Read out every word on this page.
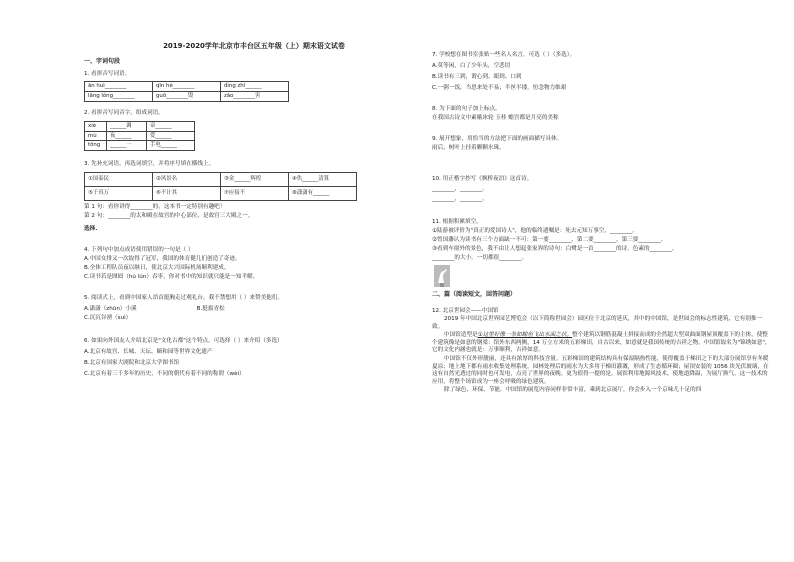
2019-2020学年北京市丰台区五年级（上）期末语文试卷

一、字词句段

1. 看拼音写词语。

ān huì________	qīn hè________	dìng zhī______
lǎng lǒng________	guō________毁	zāo________害

2. 看拼音写同音字，组成词语。

xiè	______调	帝______
mù	夜______	爱______
tōng	______一	手电______

3. 先补充词语，再选词填空，并将序号填在横线上。

①国泰民	②风景名	③金______辉煌	④仇______清算
⑤千真万	⑥不计其	⑦应接不	⑧潇潇有______

第 1 句：看你讲得________的，这本书一定特别有趣吧！

第 2 句：________的太和殿在故宫的中心部位，是故宫三大殿之一。

选择.

4. 下列句中加点成语使用错误的一句是（ ）

A.中国女排又一次取得了冠军，我国的体育健儿们创造了奇迹。

B.全体工程队员夜以继日，使北京大兴国际机场顺利建成。

C.读书若是囫囵（hú lún）吞枣，你对书中的知识就只能是一知半解。

5. 阅读式上，看到中国家人昂首挺胸走过观礼台，我不禁想用（ ）来赞美他们。

A.潇潇（zhūn）小溪	B.挺拔青松

C.沉沉谷湧（suì）

6. 如果向外国友人介绍北京是"文化古都"这个特点，可选择（ ）来介绍（多选）

A.北京有故宫、长城、天坛、颐和园等世界文化遗产

B.北京有国家大剧院和北京大学图书馆

C.北京有着三千多年的历史，不同的朝代有着不同的称谓（wèi）

7. 学校想在图书室张贴一些名人名言，可选（ ）（多选）。

A.莫等闲，白了少年头，空悲切

B.读书有三到，谓心到、眼到、口到

C.一粥一饭，当思来处不易；半丝半缕，恒念物力维艰

8. 为下面的句子加上标点。

在我国古诗文中素娥冰轮 玉桂 蟾宫都是月亮的美称

9. 展开想象，用恰当的方法把下面的画面描写具体。

雨后，树叶上挂着颗颗水珠。

10. 用正楷字抄写《枫桥夜泊》这首诗。

________，________。

________，________。

11. 根据积累填空。

①陆游被评价为"真正的爱国诗人"，他的临终遗嘱是：死去元知万事空，________。

②曾国藩认为读书有三个方面缺一不可：第一要________，第二要________，第三要________。

③看到车窗外的景色，我不由让人想起张家界的诗句：白鹭是一首________的诗。色素的________，

________的大小，一切都很________。

二、篇（阅读短文，回答问题）

12. 北京世园会——中国馆

2019 年中国北京世界园艺博览会（以下简称世园会）园区位于北京的延庆，其中的中国馆，是世园会的标志性建筑，它有别推一致。

中国馆造型是①这里好像一条如鲸鱼飞出水面之状。整个建筑以钢筋混凝土拼接而成的全然超大型双曲面钢屋顶覆盖下的主体，使整个建筑像是如意的钢梁：馆外东西两侧，14 万立方米的五彩梯田，自古以来，如意就是我国传统的吉祥之物。中国馆取名为"锦绣如意"，它的文化内涵也就是：万事顺利，吉祥如意。

中国馆不仅外形靓丽，还具有浓厚的科技含量。五彩梯田的建筑结构具有保湿隔热性能，使得覆盖于梯田之下的大部分展馆享有冬暖夏凉；地上地下都有雨水收集处理系统，园林处理后的雨水为大多用于梯田灌溉，形成了生态循环圈；屋顶安装的 1056 块光伏玻璃，在这有自然光透过的同时也可发电，点亮了世界的夜晚。更为值得一提的是，展馆利用地源风技术，使地道降温，为展厅换气。这一技术的应用，将整个场馆成为一座会呼吸的绿色建筑。

除了绿色、环保、节能，中国馆的展览内容同样非常丰富，乘到北京展厅，你会步入一个京味儿十足的四
